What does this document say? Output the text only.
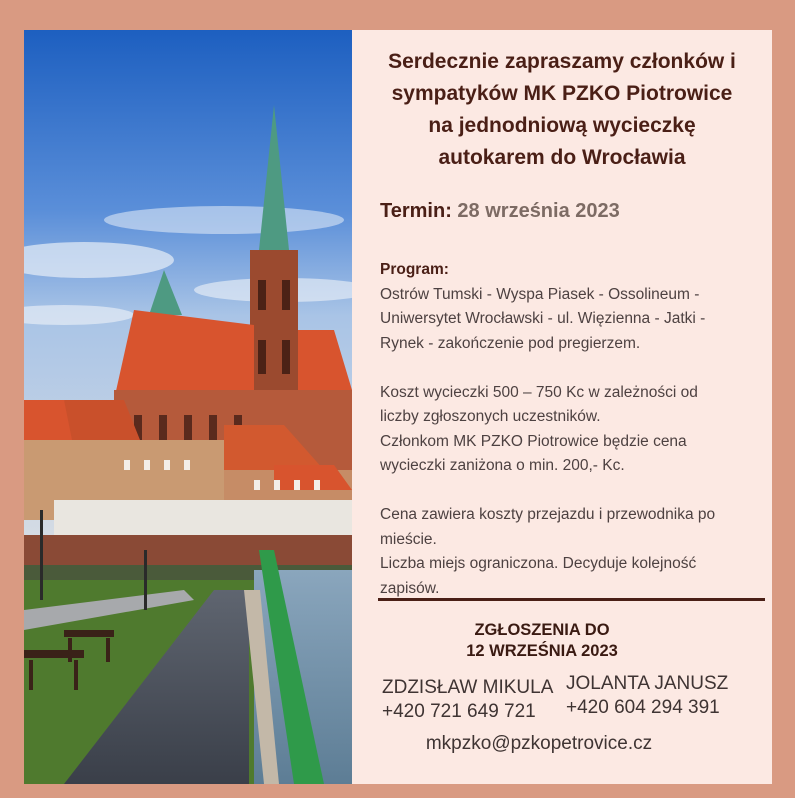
Serdecznie zapraszamy członków i
sympatyków MK PZKO Piotrowice
na jednodniową wycieczkę
autokarem do Wrocławia
Termin: 28 września 2023
Program:
Ostrów Tumski - Wyspa Piasek - Ossolineum -
Uniwersytet Wrocławski - ul. Więzienna - Jatki -
Rynek - zakończenie pod pregierzem.
Koszt wycieczki 500 – 750 Kc w zależności od
liczby zgłoszonych uczestników.
Członkom MK PZKO Piotrowice będzie cena
wycieczki zaniżona o min. 200,- Kc.
Cena zawiera koszty przejazdu i przewodnika po
mieście.
Liczba miejs ograniczona. Decyduje kolejność
zapisów.
ZGŁOSZENIA DO
12 WRZEŚNIA 2023
ZDZISŁAW MIKULA
+420 721 649 721
JOLANTA JANUSZ
+420 604 294 391
mkpzko@pzkopetrovice.cz
